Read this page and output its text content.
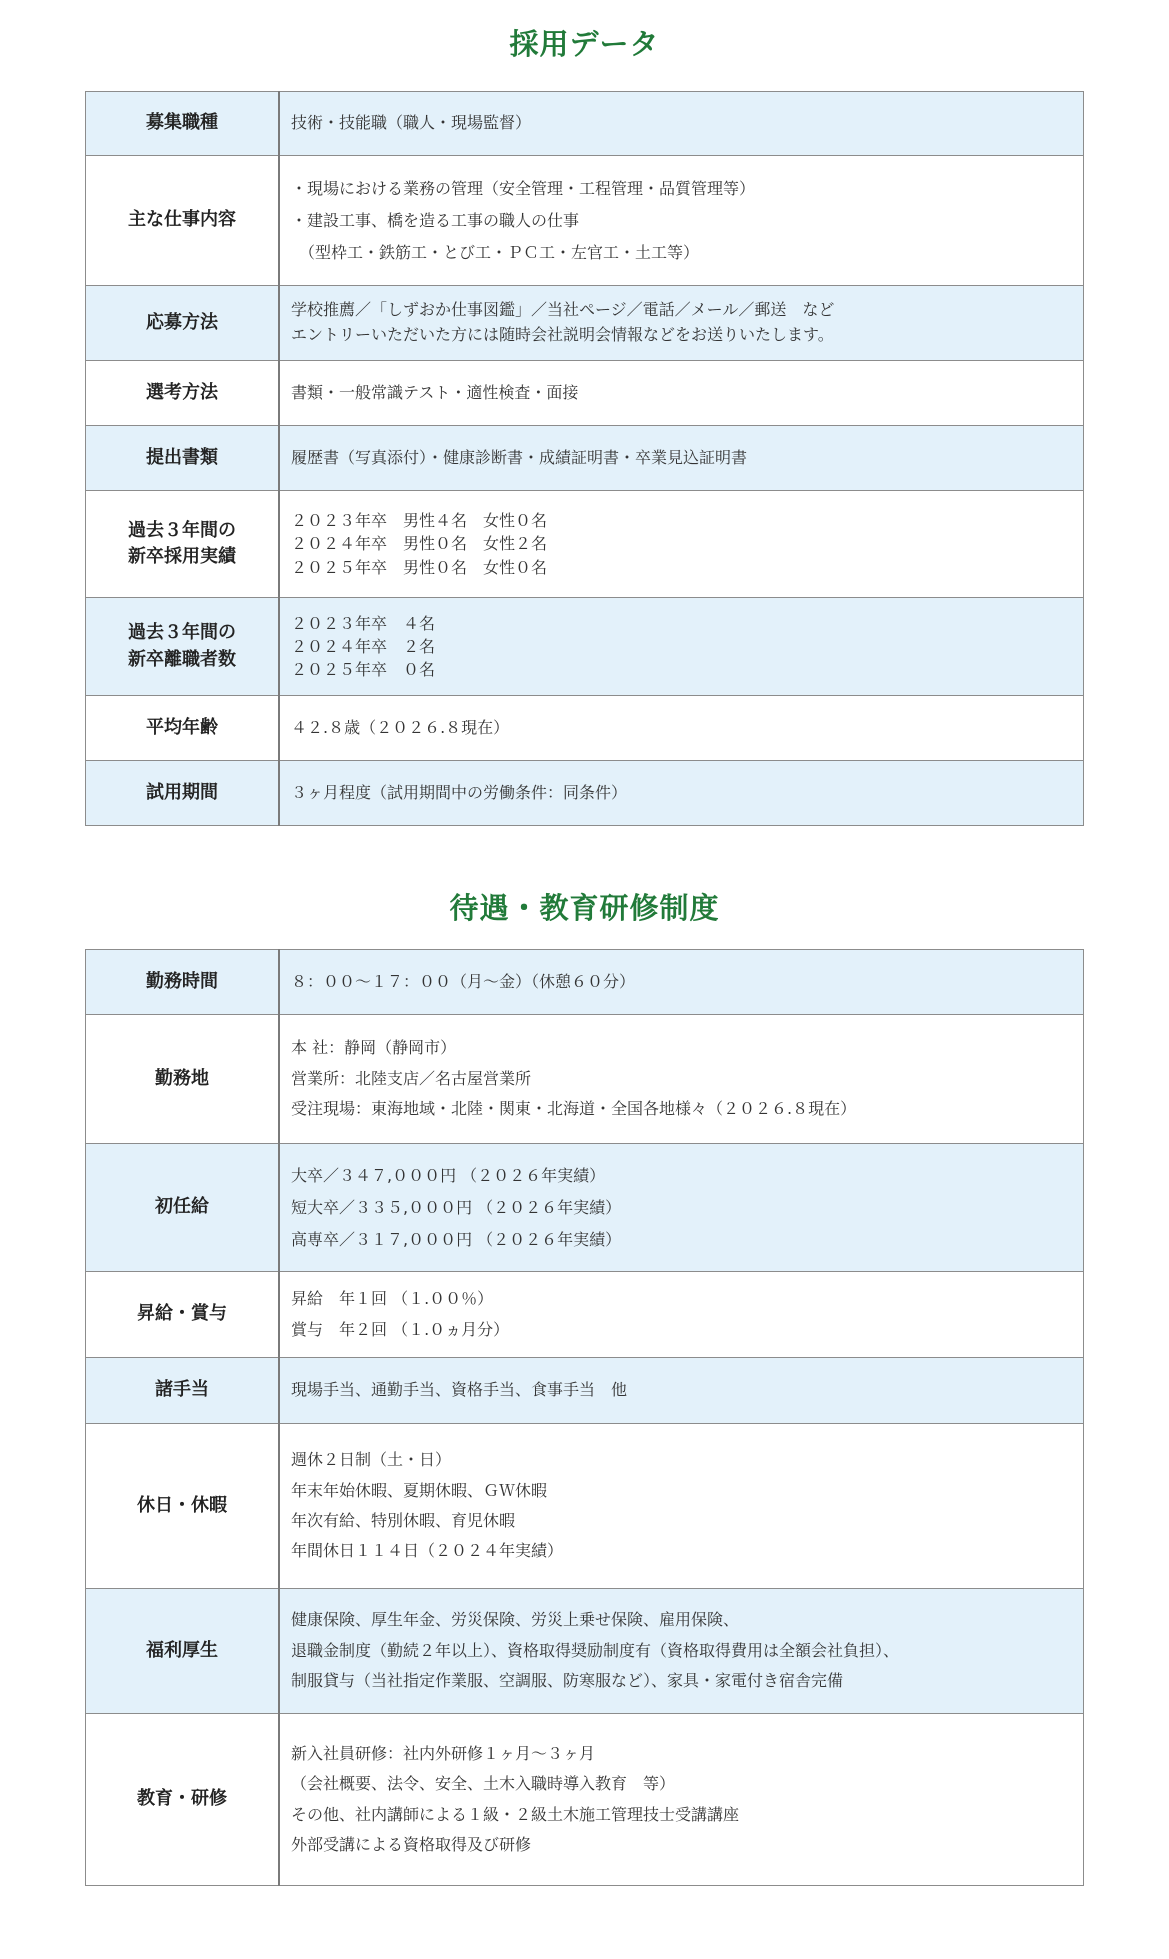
採用データ
募集職種	技術・技能職（職人・現場監督）

主な仕事内容	・現場における業務の管理（安全管理・工程管理・品質管理等）
・建設工事、橋を造る工事の職人の仕事
　（型枠工・鉄筋工・とび工・ＰＣ工・左官工・土工等）

応募方法	学校推薦／「しずおか仕事図鑑」／当社ページ／電話／メール／郵送　など
エントリーいただいた方には随時会社説明会情報などをお送りいたします。

選考方法	書類・一般常識テスト・適性検査・面接

提出書類	履歴書（写真添付）・健康診断書・成績証明書・卒業見込証明書

過去３年間の
新卒採用実績	２０２３年卒　男性４名　女性０名
２０２４年卒　男性０名　女性２名
２０２５年卒　男性０名　女性０名

過去３年間の
新卒離職者数	２０２３年卒　４名
２０２４年卒　２名
２０２５年卒　０名

平均年齢	４２.８歳（２０２６.８現在）

試用期間	３ヶ月程度（試用期間中の労働条件：同条件）
待遇・教育研修制度
勤務時間	８：００～１７：００（月～金）（休憩６０分）

勤務地	本 社：静岡（静岡市）
営業所：北陸支店／名古屋営業所
受注現場：東海地域・北陸・関東・北海道・全国各地様々（２０２６.８現在）

初任給	大卒／３４７,０００円 （２０２６年実績）
短大卒／３３５,０００円 （２０２６年実績）
高専卒／３１７,０００円 （２０２６年実績）

昇給・賞与	昇給　年１回 （１.００％）
賞与　年２回 （１.０ヵ月分）

諸手当	現場手当、通勤手当、資格手当、食事手当　他

休日・休暇	週休２日制（土・日）
年末年始休暇、夏期休暇、ＧＷ休暇
年次有給、特別休暇、育児休暇
年間休日１１４日（２０２４年実績）

福利厚生	健康保険、厚生年金、労災保険、労災上乗せ保険、雇用保険、
退職金制度（勤続２年以上）、資格取得奨励制度有（資格取得費用は全額会社負担）、
制服貸与（当社指定作業服、空調服、防寒服など）、家具・家電付き宿舎完備

教育・研修	新入社員研修：社内外研修１ヶ月～３ヶ月
（会社概要、法令、安全、土木入職時導入教育　等）
その他、社内講師による１級・２級土木施工管理技士受講講座
外部受講による資格取得及び研修
